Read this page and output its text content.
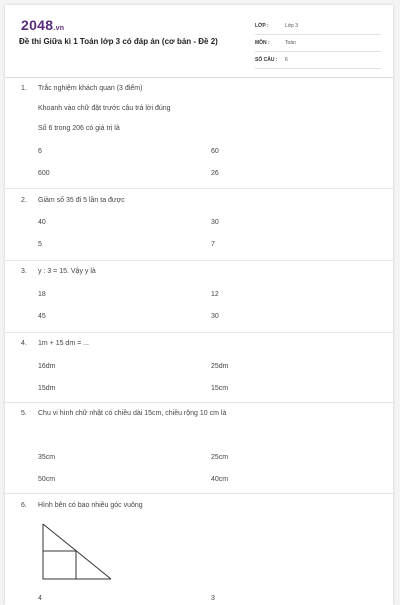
2048.vn
Đề thi Giữa kì 1 Toán lớp 3 có đáp án (cơ bản - Đề 2)
LỚP :	Lớp 3
MÔN :	Toán
SỐ CÂU : 6
1. Trắc nghiệm khách quan (3 điểm)
Khoanh vào chữ đặt trước câu trả lời đúng
Số 6 trong 206 có giá trị là
6	60
600	26
2. Giảm số 35 đi 5 lần ta được
40	30
5	7
3. y : 3 = 15. Vậy y là
18	12
45	30
4. 1m + 15 dm = ...
16dm	25dm
15dm	15cm
5. Chu vi hình chữ nhật có chiều dài 15cm, chiều rộng 10 cm là
35cm	25cm
50cm	40cm
6. Hình bên có bao nhiêu góc vuông
4	3
